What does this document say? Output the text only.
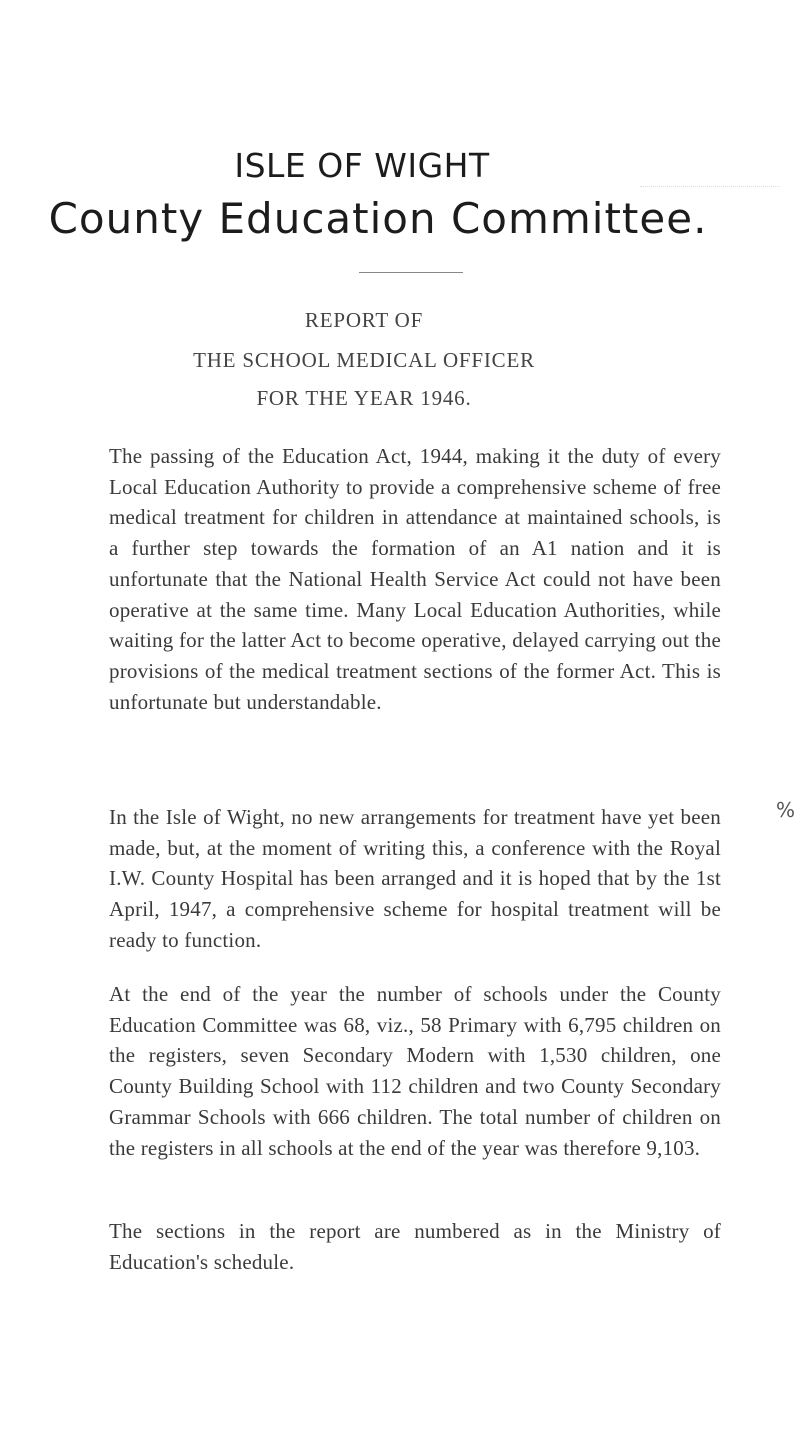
ISLE OF WIGHT
County Education Committee.

REPORT OF

THE SCHOOL MEDICAL OFFICER

FOR THE YEAR 1946.

The passing of the Education Act, 1944, making it the duty of every Local Education Authority to provide a comprehensive scheme of free medical treatment for children in attendance at maintained schools, is a further step towards the formation of an A1 nation and it is unfortunate that the National Health Service Act could not have been operative at the same time. Many Local Education Authorities, while waiting for the latter Act to become operative, delayed carrying out the provisions of the medical treatment sections of the former Act. This is unfortunate but understandable.

In the Isle of Wight, no new arrangements for treatment have yet been made, but, at the moment of writing this, a conference with the Royal I.W. County Hospital has been arranged and it is hoped that by the 1st April, 1947, a comprehensive scheme for hospital treatment will be ready to function.

At the end of the year the number of schools under the County Education Committee was 68, viz., 58 Primary with 6,795 children on the registers, seven Secondary Modern with 1,530 children, one County Building School with 112 children and two County Secondary Grammar Schools with 666 children. The total number of children on the registers in all schools at the end of the year was therefore 9,103.

The sections in the report are numbered as in the Ministry of Education's schedule.

%
